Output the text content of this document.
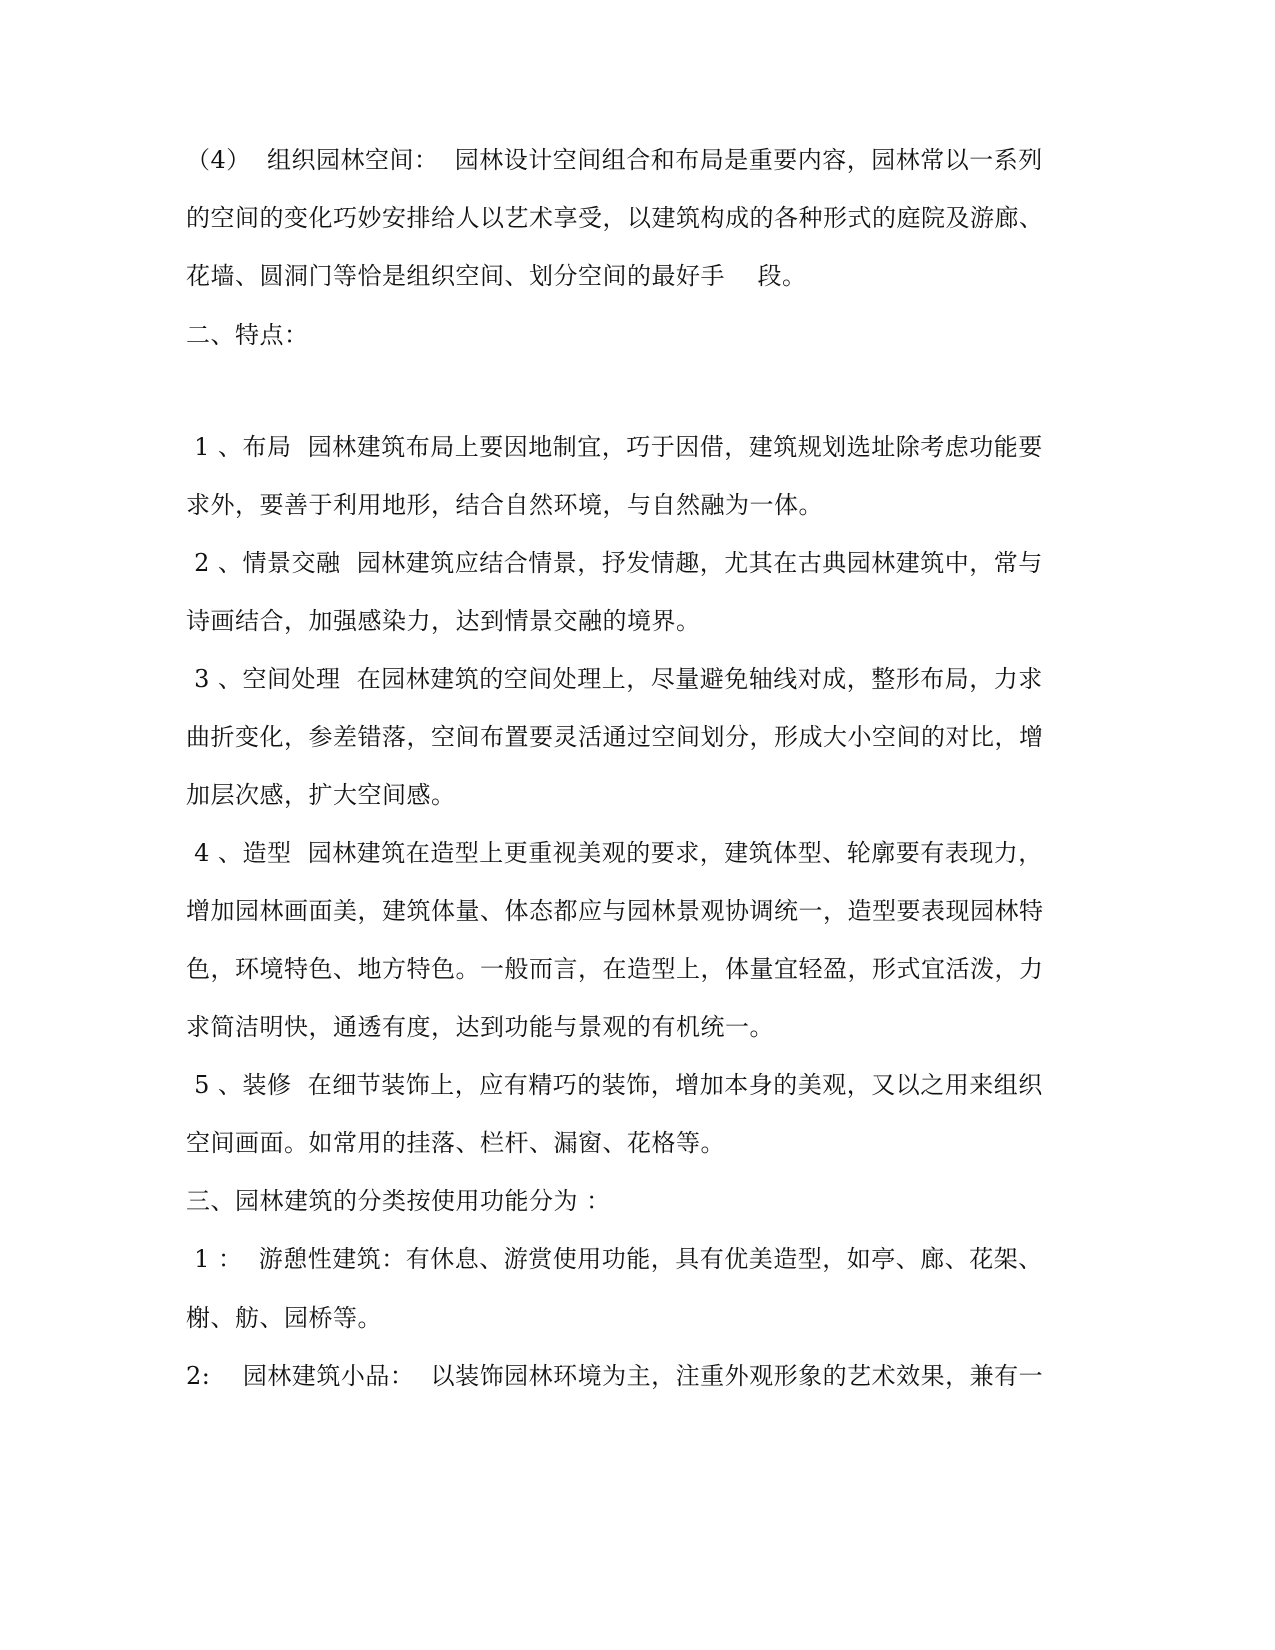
（4）  组织园林空间：  园林设计空间组合和布局是重要内容，园林常以一系列
的空间的变化巧妙安排给人以艺术享受，以建筑构成的各种形式的庭院及游廊、
花墙、圆洞门等恰是组织空间、划分空间的最好手    段。
二、特点：
1 、布局  园林建筑布局上要因地制宜，巧于因借，建筑规划选址除考虑功能要
求外，要善于利用地形，结合自然环境，与自然融为一体。
2 、情景交融  园林建筑应结合情景，抒发情趣，尤其在古典园林建筑中，常与
诗画结合，加强感染力，达到情景交融的境界。
3 、空间处理  在园林建筑的空间处理上，尽量避免轴线对成，整形布局，力求
曲折变化，参差错落，空间布置要灵活通过空间划分，形成大小空间的对比，增
加层次感，扩大空间感。
4 、造型  园林建筑在造型上更重视美观的要求，建筑体型、轮廓要有表现力，
增加园林画面美，建筑体量、体态都应与园林景观协调统一，造型要表现园林特
色，环境特色、地方特色。一般而言，在造型上，体量宜轻盈，形式宜活泼，力
求简洁明快，通透有度，达到功能与景观的有机统一。
5 、装修  在细节装饰上，应有精巧的装饰，增加本身的美观，又以之用来组织
空间画面。如常用的挂落、栏杆、漏窗、花格等。
三、园林建筑的分类按使用功能分为 ：
1 ：  游憩性建筑：有休息、游赏使用功能，具有优美造型，如亭、廊、花架、
榭、舫、园桥等。
2:    园林建筑小品：  以装饰园林环境为主，注重外观形象的艺术效果，兼有一
